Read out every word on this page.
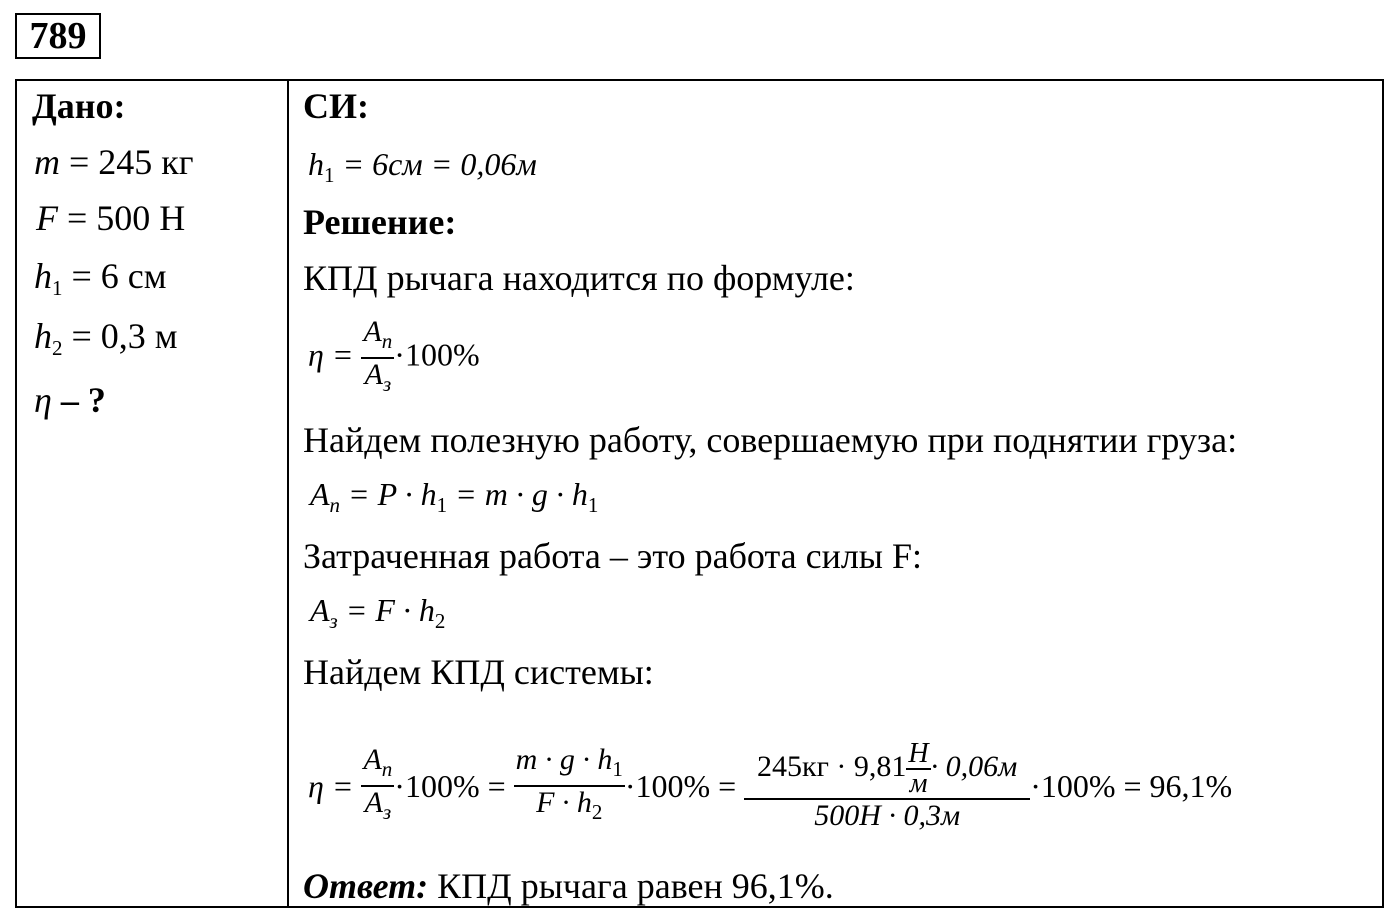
789
Дано:
m = 245 кг
F = 500 Н
$h_1 = 6$ см
$h_2 = 0,3$ м
η – ?
СИ:
$h_1 = 6см = 0,06м$
Решение:
КПД рычага находится по формуле:
η =
$A_п$
$A_з$
·100%
Найдем полезную работу, совершаемую при поднятии груза:
$A_п = P \cdot h_1 = m \cdot g \cdot h_1$
Затраченная работа – это работа силы F:
$A_з = F \cdot h_2$
Найдем КПД системы:
η =
$A_п$
$A_з$
$\cdot 100\% = \frac{m \cdot g \cdot h_1}{F \cdot h_2} \cdot 100\%$ =
245кг · 9,81 Н
м
· 0,06м
500Н · 0,3м
·100% = 96,1%
Ответ: КПД рычага равен 96,1%.
